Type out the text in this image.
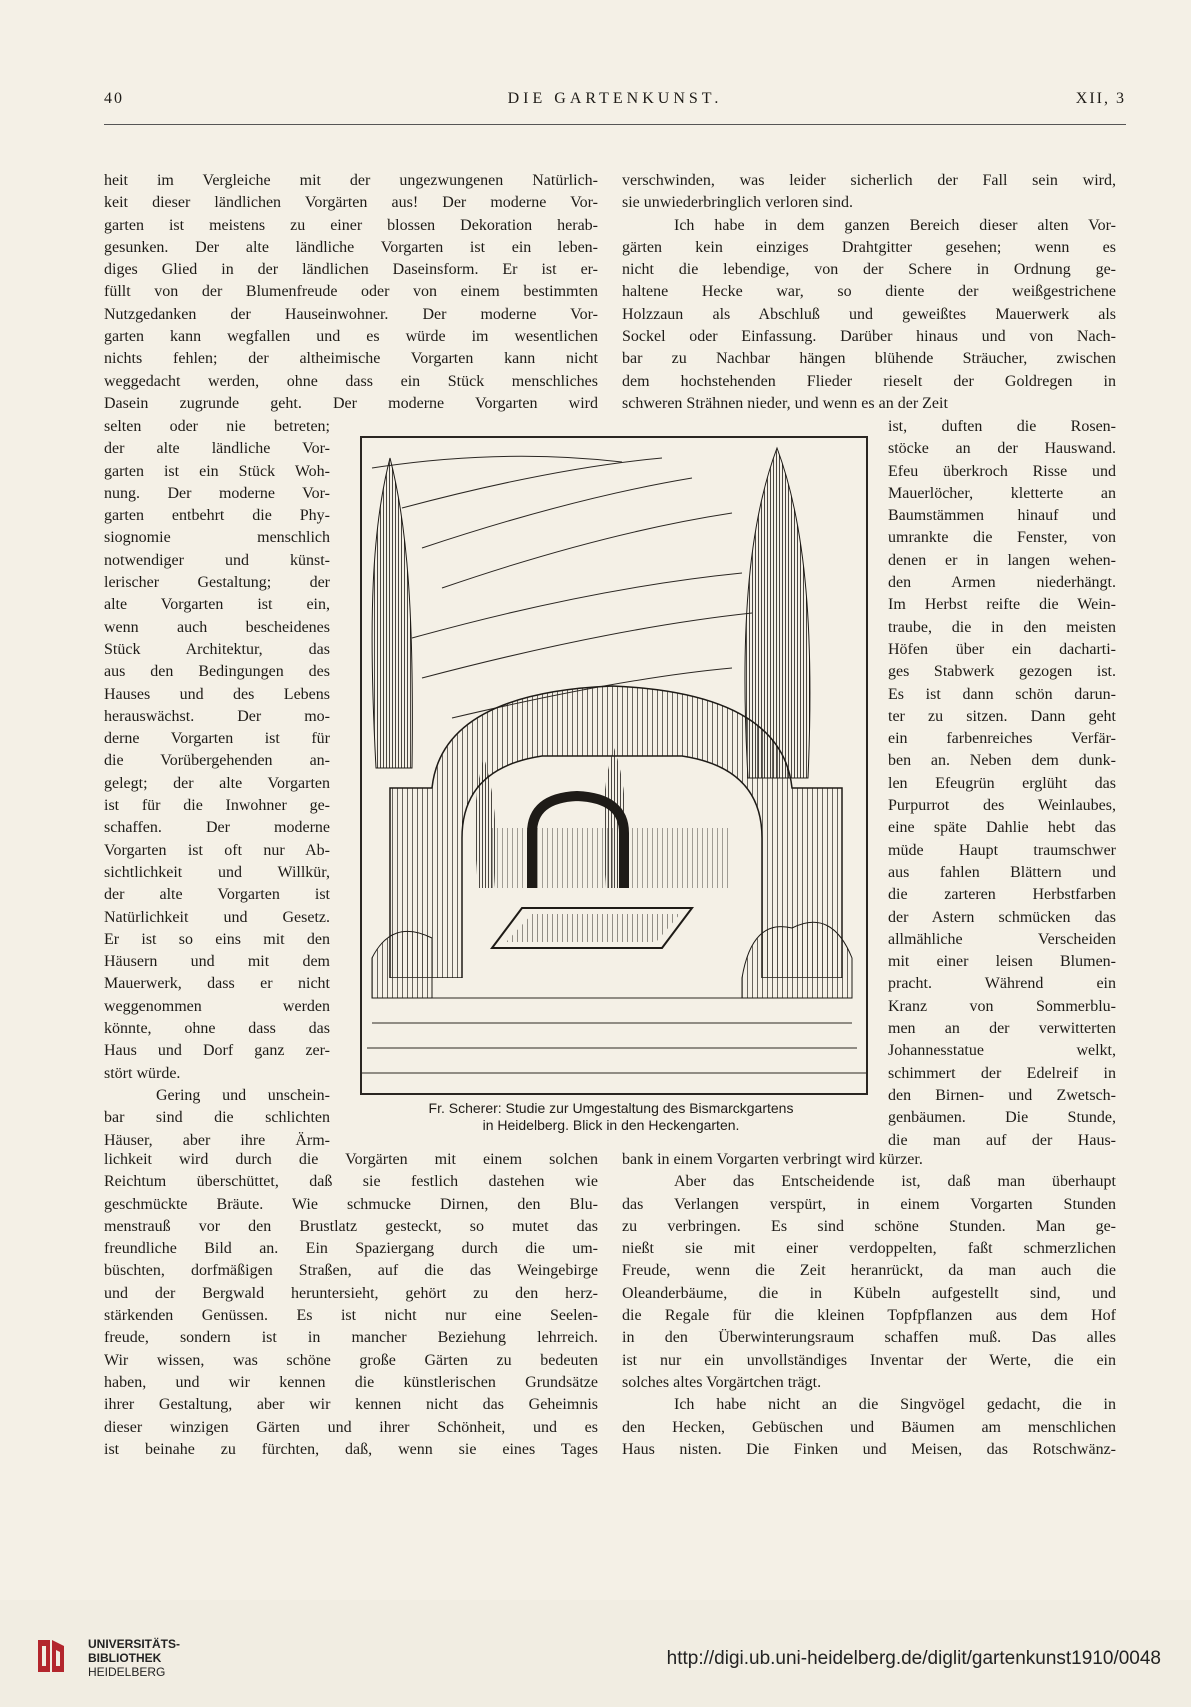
40	DIE GARTENKUNST.	XII, 3
heit im Vergleiche mit der ungezwungenen Natürlich-
keit dieser ländlichen Vorgärten aus! Der moderne Vor-
garten ist meistens zu einer blossen Dekoration herab-
gesunken. Der alte ländliche Vorgarten ist ein leben-
diges Glied in der ländlichen Daseinsform. Er ist er-
füllt von der Blumenfreude oder von einem bestimmten
Nutzgedanken der Hauseinwohner. Der moderne Vor-
garten kann wegfallen und es würde im wesentlichen
nichts fehlen; der altheimische Vorgarten kann nicht
weggedacht werden, ohne dass ein Stück menschliches
Dasein zugrunde geht. Der moderne Vorgarten wird
verschwinden, was leider sicherlich der Fall sein wird,
sie unwiederbringlich verloren sind.
Ich habe in dem ganzen Bereich dieser alten Vor-
gärten kein einziges Drahtgitter gesehen; wenn es
nicht die lebendige, von der Schere in Ordnung ge-
haltene Hecke war, so diente der weißgestrichene
Holzzaun als Abschluß und geweißtes Mauerwerk als
Sockel oder Einfassung. Darüber hinaus und von Nach-
bar zu Nachbar hängen blühende Sträucher, zwischen
dem hochstehenden Flieder rieselt der Goldregen in
schweren Strähnen nieder, und wenn es an der Zeit
selten oder nie betreten;
der alte ländliche Vor-
garten ist ein Stück Woh-
nung. Der moderne Vor-
garten entbehrt die Phy-
siognomie menschlich
notwendiger und künst-
lerischer Gestaltung; der
alte Vorgarten ist ein,
wenn auch bescheidenes
Stück Architektur, das
aus den Bedingungen des
Hauses und des Lebens
herauswächst. Der mo-
derne Vorgarten ist für
die Vorübergehenden an-
gelegt; der alte Vorgarten
ist für die Inwohner ge-
schaffen. Der moderne
Vorgarten ist oft nur Ab-
sichtlichkeit und Willkür,
der alte Vorgarten ist
Natürlichkeit und Gesetz.
Er ist so eins mit den
Häusern und mit dem
Mauerwerk, dass er nicht
weggenommen werden
könnte, ohne dass das
Haus und Dorf ganz zer-
stört würde.
Gering und unschein-
bar sind die schlichten
Häuser, aber ihre Ärm-
ist, duften die Rosen-
stöcke an der Hauswand.
Efeu überkroch Risse und
Mauerlöcher, kletterte an
Baumstämmen hinauf und
umrankte die Fenster, von
denen er in langen wehen-
den Armen niederhängt.
Im Herbst reifte die Wein-
traube, die in den meisten
Höfen über ein dacharti-
ges Stabwerk gezogen ist.
Es ist dann schön darun-
ter zu sitzen. Dann geht
ein farbenreiches Verfär-
ben an. Neben dem dunk-
len Efeugrün erglüht das
Purpurrot des Weinlaubes,
eine späte Dahlie hebt das
müde Haupt traumschwer
aus fahlen Blättern und
die zarteren Herbstfarben
der Astern schmücken das
allmähliche Verscheiden
mit einer leisen Blumen-
pracht. Während ein
Kranz von Sommerblu-
men an der verwitterten
Johannesstatue welkt,
schimmert der Edelreif in
den Birnen- und Zwetsch-
genbäumen. Die Stunde,
die man auf der Haus-
lichkeit wird durch die Vorgärten mit einem solchen
Reichtum überschüttet, daß sie festlich dastehen wie
geschmückte Bräute. Wie schmucke Dirnen, den Blu-
menstrauß vor den Brustlatz gesteckt, so mutet das
freundliche Bild an. Ein Spaziergang durch die um-
büschten, dorfmäßigen Straßen, auf die das Weingebirge
und der Bergwald heruntersieht, gehört zu den herz-
stärkenden Genüssen. Es ist nicht nur eine Seelen-
freude, sondern ist in mancher Beziehung lehrreich.
Wir wissen, was schöne große Gärten zu bedeuten
haben, und wir kennen die künstlerischen Grundsätze
ihrer Gestaltung, aber wir kennen nicht das Geheimnis
dieser winzigen Gärten und ihrer Schönheit, und es
ist beinahe zu fürchten, daß, wenn sie eines Tages
bank in einem Vorgarten verbringt wird kürzer.
Aber das Entscheidende ist, daß man überhaupt
das Verlangen verspürt, in einem Vorgarten Stunden
zu verbringen. Es sind schöne Stunden. Man ge-
nießt sie mit einer verdoppelten, faßt schmerzlichen
Freude, wenn die Zeit heranrückt, da man auch die
Oleanderbäume, die in Kübeln aufgestellt sind, und
die Regale für die kleinen Topfpflanzen aus dem Hof
in den Überwinterungsraum schaffen muß. Das alles
ist nur ein unvollständiges Inventar der Werte, die ein
solches altes Vorgärtchen trägt.
Ich habe nicht an die Singvögel gedacht, die in
den Hecken, Gebüschen und Bäumen am menschlichen
Haus nisten. Die Finken und Meisen, das Rotschwänz-
Fr. Scherer: Studie zur Umgestaltung des Bismarckgartens
in Heidelberg. Blick in den Heckengarten.
UNIVERSITÄTS-
BIBLIOTHEK
HEIDELBERG
http://digi.ub.uni-heidelberg.de/diglit/gartenkunst1910/0048
